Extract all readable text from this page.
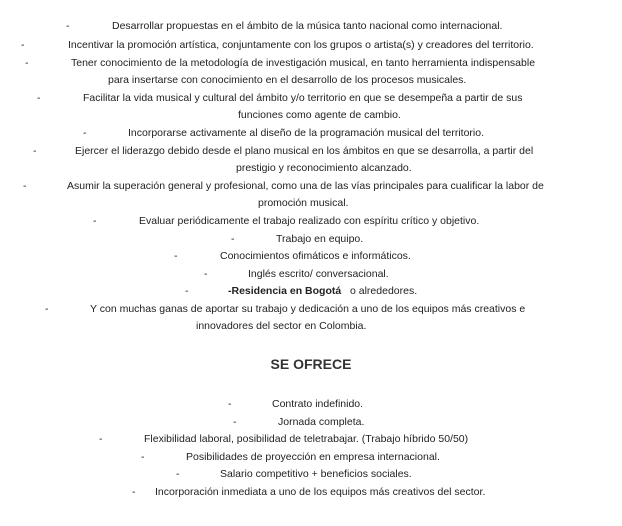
-	Desarrollar propuestas en el ámbito de la música tanto nacional como internacional.
-	Incentivar la promoción artística, conjuntamente con los grupos o artista(s) y creadores del territorio.
-	Tener conocimiento de la metodología de investigación musical, en tanto herramienta indispensable
para insertarse con conocimiento en el desarrollo de los procesos musicales.
-	Facilitar la vida musical y cultural del ámbito y/o territorio en que se desempeña a partir de sus
funciones como agente de cambio.
-	Incorporarse activamente al diseño de la programación musical del territorio.
-	Ejercer el liderazgo debido desde el plano musical en los ámbitos en que se desarrolla, a partir del
prestigio y reconocimiento alcanzado.
-	Asumir la superación general y profesional, como una de las vías principales para cualificar la labor de
promoción musical.
-	Evaluar periódicamente el trabajo realizado con espíritu crítico y objetivo.
-	Trabajo en equipo.
-	Conocimientos ofimáticos e informáticos.
-	Inglés escrito/ conversacional.
-	-Residencia en Bogotá o alrededores.
-	Y con muchas ganas de aportar su trabajo y dedicación a uno de los equipos más creativos e
innovadores del sector en Colombia.
SE OFRECE
-	Contrato indefinido.
-	Jornada completa.
-	Flexibilidad laboral, posibilidad de teletrabajar. (Trabajo híbrido 50/50)
-	Posibilidades de proyección en empresa internacional.
-	Salario competitivo + beneficios sociales.
- Incorporación inmediata a uno de los equipos más creativos del sector.
